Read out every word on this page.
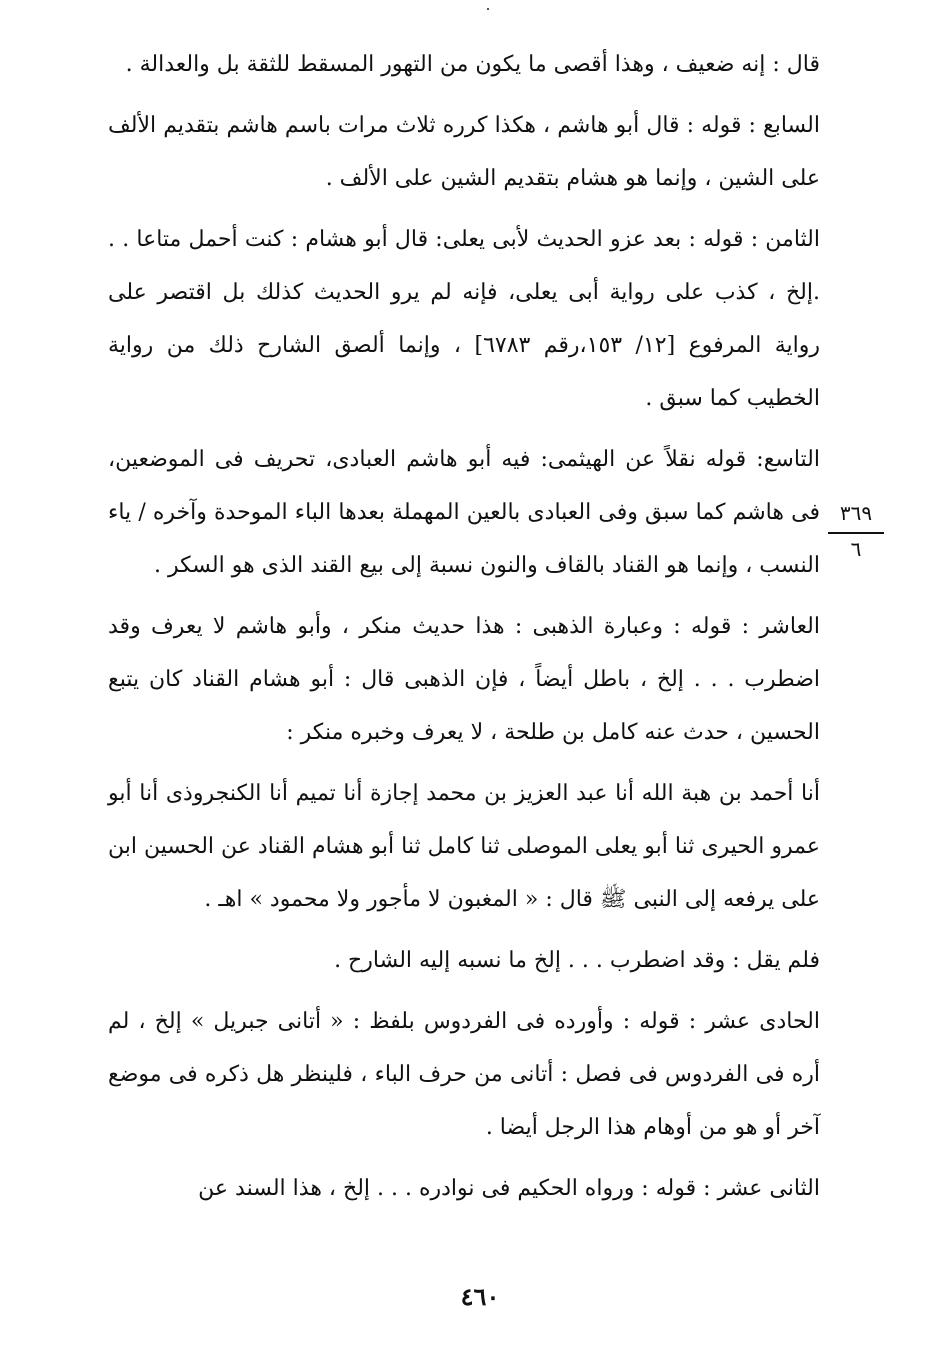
قال : إنه ضعيف ، وهذا أقصى ما يكون من التهور المسقط للثقة بل والعدالة .

السابع : قوله : قال أبو هاشم ، هكذا كرره ثلاث مرات باسم هاشم بتقديم الألف على الشين ، وإنما هو هشام بتقديم الشين على الألف .

الثامن : قوله : بعد عزو الحديث لأبى يعلى: قال أبو هشام : كنت أحمل متاعا . . .إلخ ، كذب على رواية أبى يعلى، فإنه لم يرو الحديث كذلك بل اقتصر على رواية المرفوع [١٢/ ١٥٣،رقم ٦٧٨٣] ، وإنما ألصق الشارح ذلك من رواية الخطيب كما سبق .

التاسع: قوله نقلاً عن الهيثمى: فيه أبو هاشم العبادى، تحريف فى الموضعين، فى هاشم كما سبق وفى العبادى بالعين المهملة بعدها الباء الموحدة وآخره / ياء النسب ، وإنما هو القناد بالقاف والنون نسبة إلى بيع القند الذى هو السكر .

العاشر : قوله : وعبارة الذهبى : هذا حديث منكر ، وأبو هاشم لا يعرف وقد اضطرب . . . إلخ ، باطل أيضاً ، فإن الذهبى قال : أبو هشام القناد كان يتبع الحسين ، حدث عنه كامل بن طلحة ، لا يعرف وخبره منكر :

أنا أحمد بن هبة الله أنا عبد العزيز بن محمد إجازة أنا تميم أنا الكنجروذى أنا أبو عمرو الحيرى ثنا أبو يعلى الموصلى ثنا كامل ثنا أبو هشام القناد عن الحسين ابن على يرفعه إلى النبى ﷺ قال : « المغبون لا مأجور ولا محمود » اهـ .

فلم يقل : وقد اضطرب . . . إلخ ما نسبه إليه الشارح .

الحادى عشر : قوله : وأورده فى الفردوس بلفظ : « أتانى جبريل » إلخ ، لم أره فى الفردوس فى فصل : أتانى من حرف الباء ، فلينظر هل ذكره فى موضع آخر أو هو من أوهام هذا الرجل أيضا .

الثانى عشر : قوله : ورواه الحكيم فى نوادره . . . إلخ ، هذا السند عن

٣٦٩
٦
٤٦٠
